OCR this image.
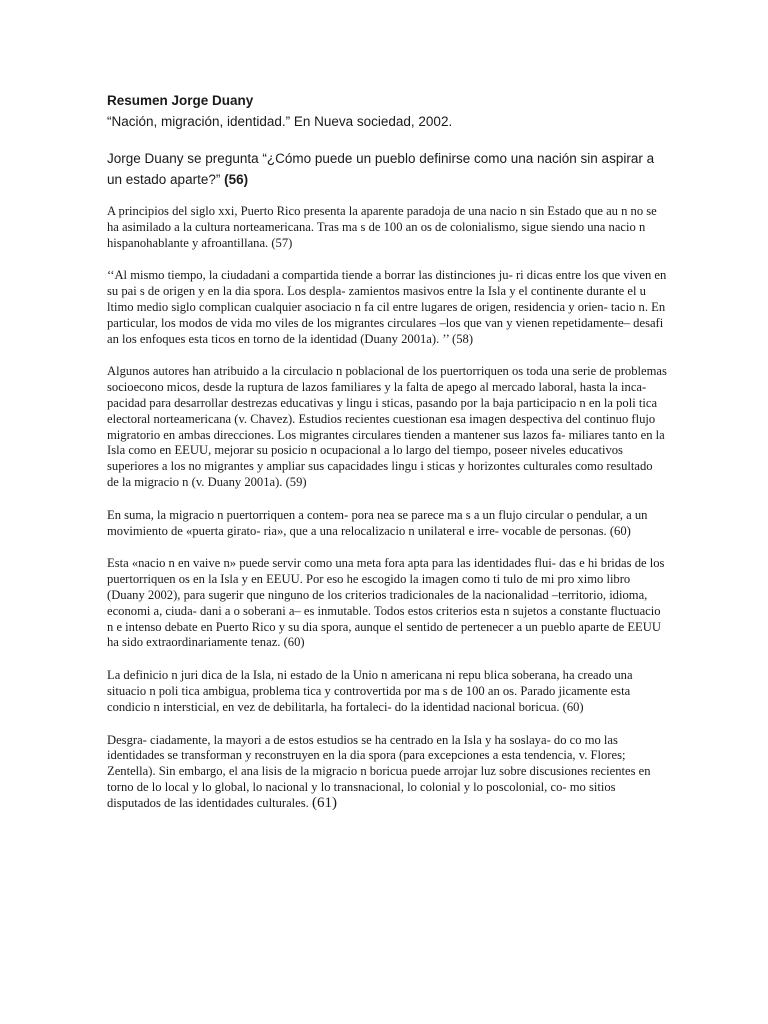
Resumen Jorge Duany

“Nación, migración, identidad.” En Nueva sociedad, 2002.

Jorge Duany se pregunta “¿Cómo puede un pueblo definirse como una nación sin aspirar a un estado aparte?” (56)

A principios del siglo xxi, Puerto Rico presenta la aparente paradoja de una nacio n sin Estado que au n no se ha asimilado a la cultura norteamericana. Tras ma s de 100 an os de colonialismo, sigue siendo una nacio n hispanohablante y afroantillana. (57)

‘‘Al mismo tiempo, la ciudadani a compartida tiende a borrar las distinciones ju- ri dicas entre los que viven en su pai s de origen y en la dia spora. Los despla- zamientos masivos entre la Isla y el continente durante el u ltimo medio siglo complican cualquier asociacio n fa cil entre lugares de origen, residencia y orien- tacio n. En particular, los modos de vida mo viles de los migrantes circulares –los que van y vienen repetidamente– desafi an los enfoques esta ticos en torno de la identidad (Duany 2001a). ’’ (58)

Algunos autores han atribuido a la circulacio n poblacional de los puertorriquen os toda una serie de problemas socioecono micos, desde la ruptura de lazos familiares y la falta de apego al mercado laboral, hasta la inca- pacidad para desarrollar destrezas educativas y lingu i sticas, pasando por la baja participacio n en la poli tica electoral norteamericana (v. Chavez). Estudios recientes cuestionan esa imagen despectiva del continuo flujo migratorio en ambas direcciones. Los migrantes circulares tienden a mantener sus lazos fa- miliares tanto en la Isla como en EEUU, mejorar su posicio n ocupacional a lo largo del tiempo, poseer niveles educativos superiores a los no migrantes y ampliar sus capacidades lingu i sticas y horizontes culturales como resultado de la migracio n (v. Duany 2001a). (59)

En suma, la migracio n puertorriquen a contem- pora nea se parece ma s a un flujo circular o pendular, a un movimiento de «puerta girato- ria», que a una relocalizacio n unilateral e irre- vocable de personas. (60)

Esta «nacio n en vaive n» puede servir como una meta fora apta para las identidades flui- das e hi bridas de los puertorriquen os en la Isla y en EEUU. Por eso he escogido la imagen como ti tulo de mi pro ximo libro (Duany 2002), para sugerir que ninguno de los criterios tradicionales de la nacionalidad –territorio, idioma, economi a, ciuda- dani a o soberani a– es inmutable. Todos estos criterios esta n sujetos a constante fluctuacio n e intenso debate en Puerto Rico y su dia spora, aunque el sentido de pertenecer a un pueblo aparte de EEUU ha sido extraordinariamente tenaz. (60)

La definicio n juri dica de la Isla, ni estado de la Unio n americana ni repu blica soberana, ha creado una situacio n poli tica ambigua, problema tica y controvertida por ma s de 100 an os. Parado jicamente esta condicio n intersticial, en vez de debilitarla, ha fortaleci- do la identidad nacional boricua. (60)

Desgra- ciadamente, la mayori a de estos estudios se ha centrado en la Isla y ha soslaya- do co mo las identidades se transforman y reconstruyen en la dia spora (para excepciones a esta tendencia, v. Flores; Zentella). Sin embargo, el ana lisis de la migracio n boricua puede arrojar luz sobre discusiones recientes en torno de lo local y lo global, lo nacional y lo transnacional, lo colonial y lo poscolonial, co- mo sitios disputados de las identidades culturales. (61)
